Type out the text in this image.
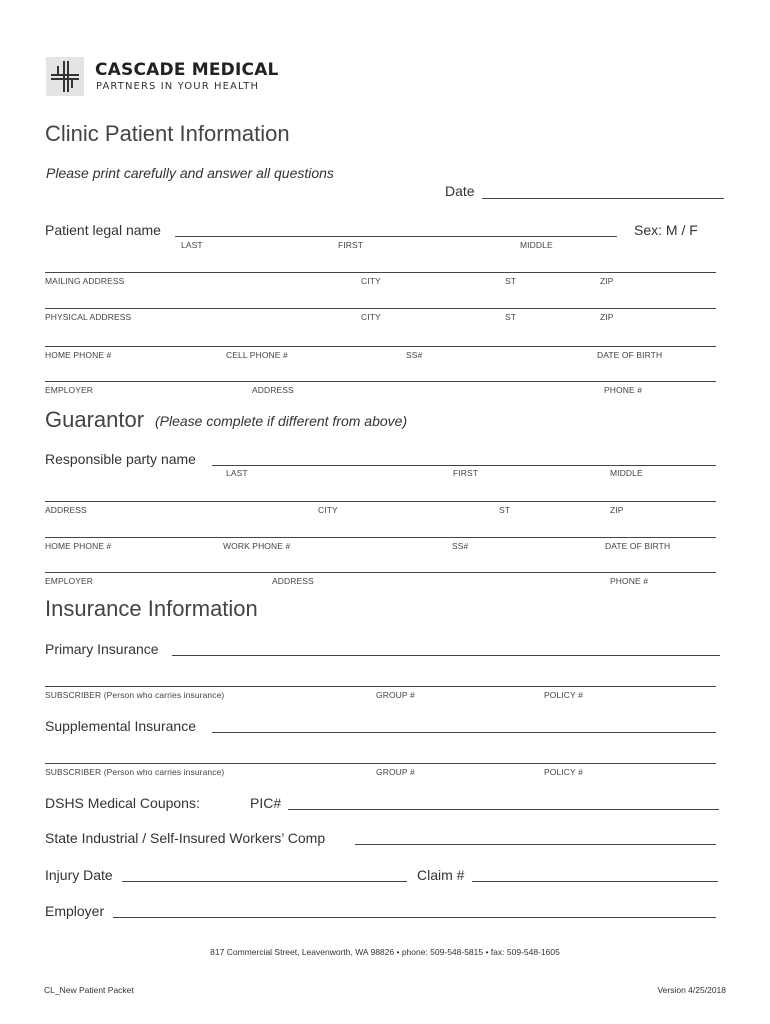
CASCADE MEDICAL
PARTNERS IN YOUR HEALTH
Clinic Patient Information
Please print carefully and answer all questions
Date
Patient legal name	Sex: M / F
LAST	FIRST	MIDDLE
MAILING ADDRESS	CITY	ST	ZIP
PHYSICAL ADDRESS	CITY	ST	ZIP
HOME PHONE #	CELL PHONE #	SS#	DATE OF BIRTH
EMPLOYER	ADDRESS	PHONE #
Guarantor (Please complete if different from above)
Responsible party name
LAST	FIRST	MIDDLE
ADDRESS	CITY	ST	ZIP
HOME PHONE #	WORK PHONE #	SS#	DATE OF BIRTH
EMPLOYER	ADDRESS	PHONE #
Insurance Information
Primary Insurance
SUBSCRIBER (Person who carries insurance)	GROUP #	POLICY #
Supplemental Insurance
SUBSCRIBER (Person who carries insurance)	GROUP #	POLICY #
DSHS Medical Coupons:	PIC#
State Industrial / Self-Insured Workers’ Comp
Injury Date	Claim #
Employer
817 Commercial Street, Leavenworth, WA 98826 • phone: 509-548-5815 • fax: 509-548-1605
CL_New Patient Packet	Version 4/25/2018
